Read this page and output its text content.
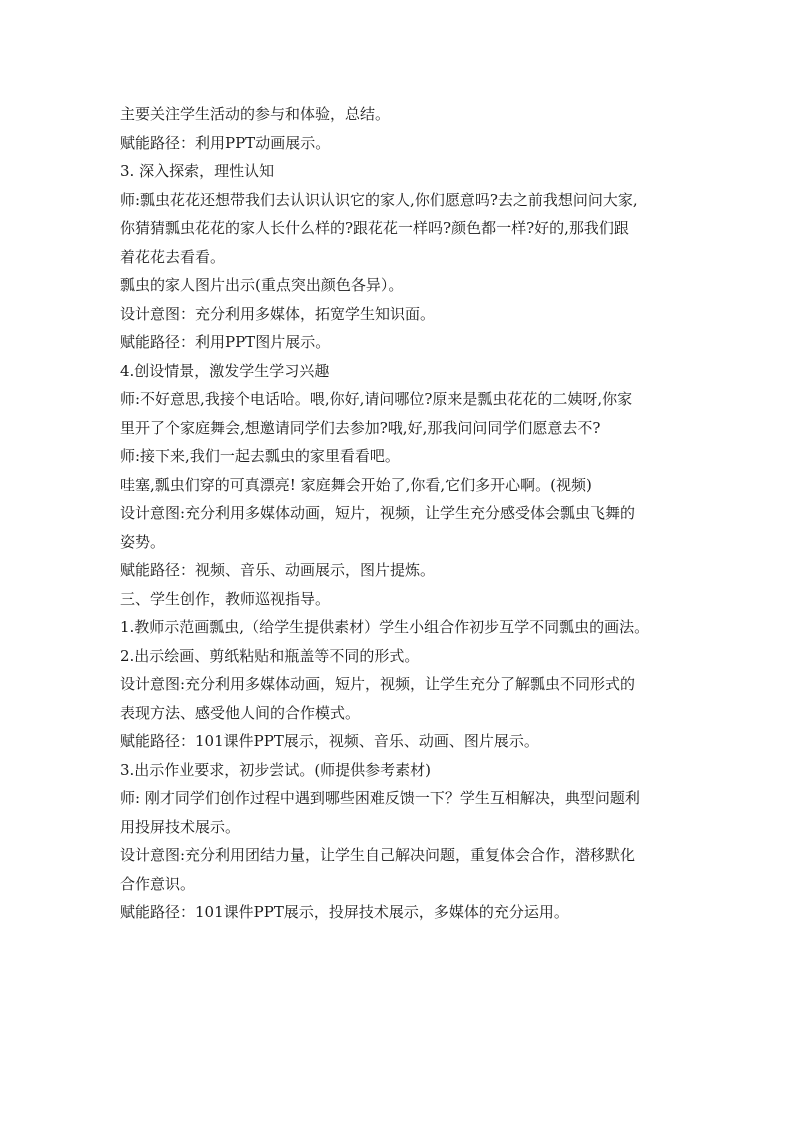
主要关注学生活动的参与和体验，总结。
赋能路径：利用PPT动画展示。
3. 深入探索，理性认知
师:瓢虫花花还想带我们去认识认识它的家人,你们愿意吗?去之前我想问问大家,
你猜猜瓢虫花花的家人长什么样的?跟花花一样吗?颜色都一样?好的,那我们跟
着花花去看看。
瓢虫的家人图片出示(重点突出颜色各异）。
设计意图：充分利用多媒体，拓宽学生知识面。
赋能路径：利用PPT图片展示。
4.创设情景，激发学生学习兴趣
师:不好意思,我接个电话哈。喂,你好,请问哪位?原来是瓢虫花花的二姨呀,你家
里开了个家庭舞会,想邀请同学们去参加?哦,好,那我问问同学们愿意去不?
师:接下来,我们一起去瓢虫的家里看看吧。
哇塞,瓢虫们穿的可真漂亮! 家庭舞会开始了,你看,它们多开心啊。(视频)
设计意图:充分利用多媒体动画，短片，视频，让学生充分感受体会瓢虫飞舞的
姿势。
赋能路径：视频、音乐、动画展示，图片提炼。
三、学生创作，教师巡视指导。
1.教师示范画瓢虫,（给学生提供素材）学生小组合作初步互学不同瓢虫的画法。
2.出示绘画、剪纸粘贴和瓶盖等不同的形式。
设计意图:充分利用多媒体动画，短片，视频，让学生充分了解瓢虫不同形式的
表现方法、感受他人间的合作模式。
赋能路径：101课件PPT展示，视频、音乐、动画、图片展示。
3.出示作业要求，初步尝试。(师提供参考素材)
师: 刚才同学们创作过程中遇到哪些困难反馈一下？学生互相解决，典型问题利
用投屏技术展示。
设计意图:充分利用团结力量，让学生自己解决问题，重复体会合作，潜移默化
合作意识。
赋能路径：101课件PPT展示，投屏技术展示，多媒体的充分运用。
